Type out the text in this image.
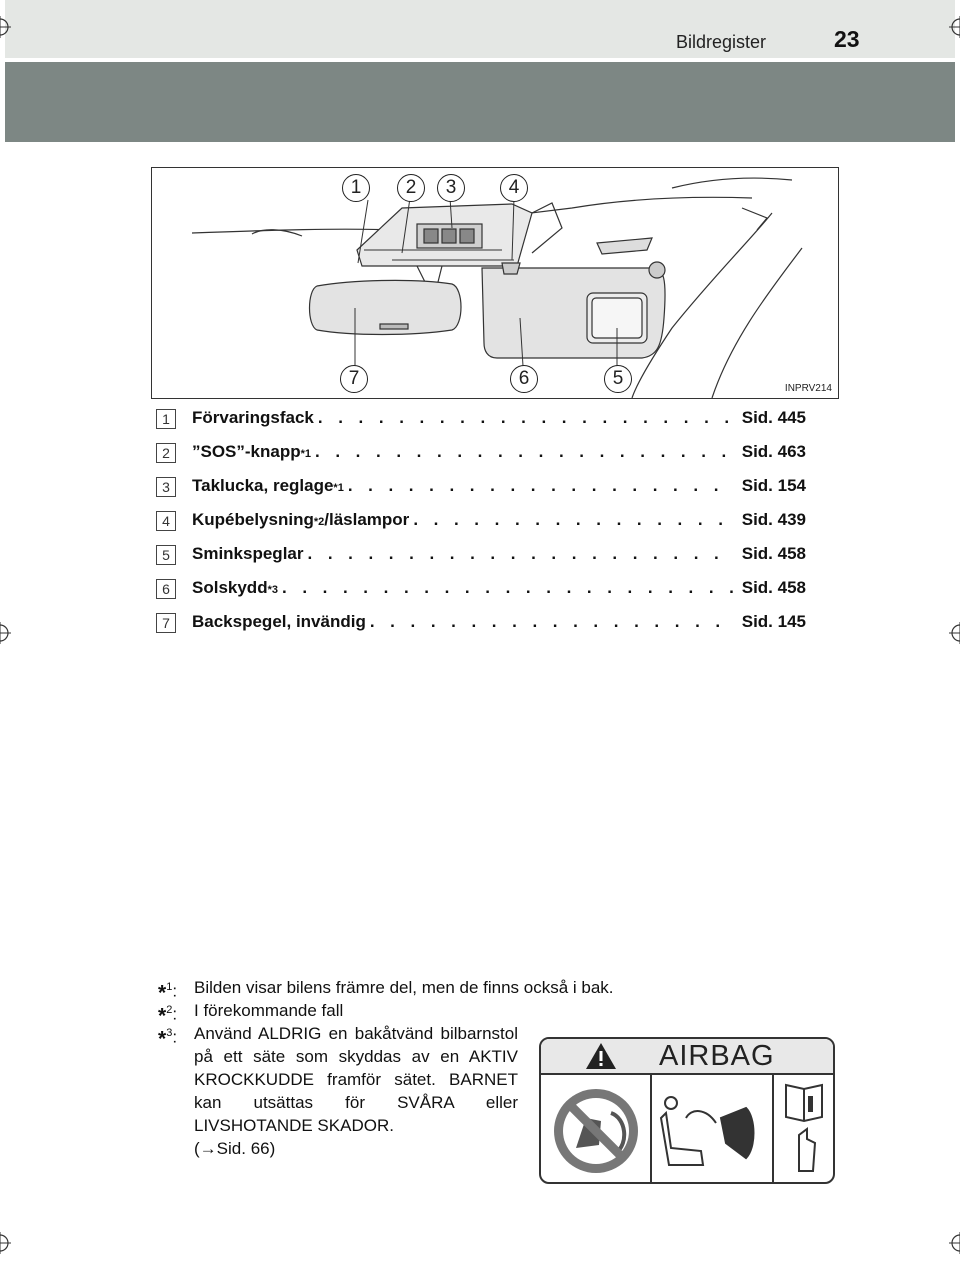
Bildregister	23
1	2	3	4
5
6
7	INPRV214
1	Förvaringsfack . . .	Sid. 445
2	”SOS”-knapp *1 . . .	Sid. 463
3	Taklucka, reglage *1 . . .	Sid. 154
4	Kupébelysning *2 /läslampor . . .	Sid. 439
5	Sminkspeglar . . .	Sid. 458
6	Solskydd *3 . . .	Sid. 458
7	Backspegel, invändig . . .	Sid. 145
*$^1$: Bilden visar bilens främre del, men de finns också i bak.
*$^2$: I förekommande fall
*$^3$: Använd ALDRIG en bakåtvänd bilbarnstol på ett säte som skyddas av en AKTIV KROCKKUDDE framför sätet. BARNET kan utsättas för SVÅRA eller LIVSHOTANDE SKADOR.
(→Sid. 66)
AIRBAG
